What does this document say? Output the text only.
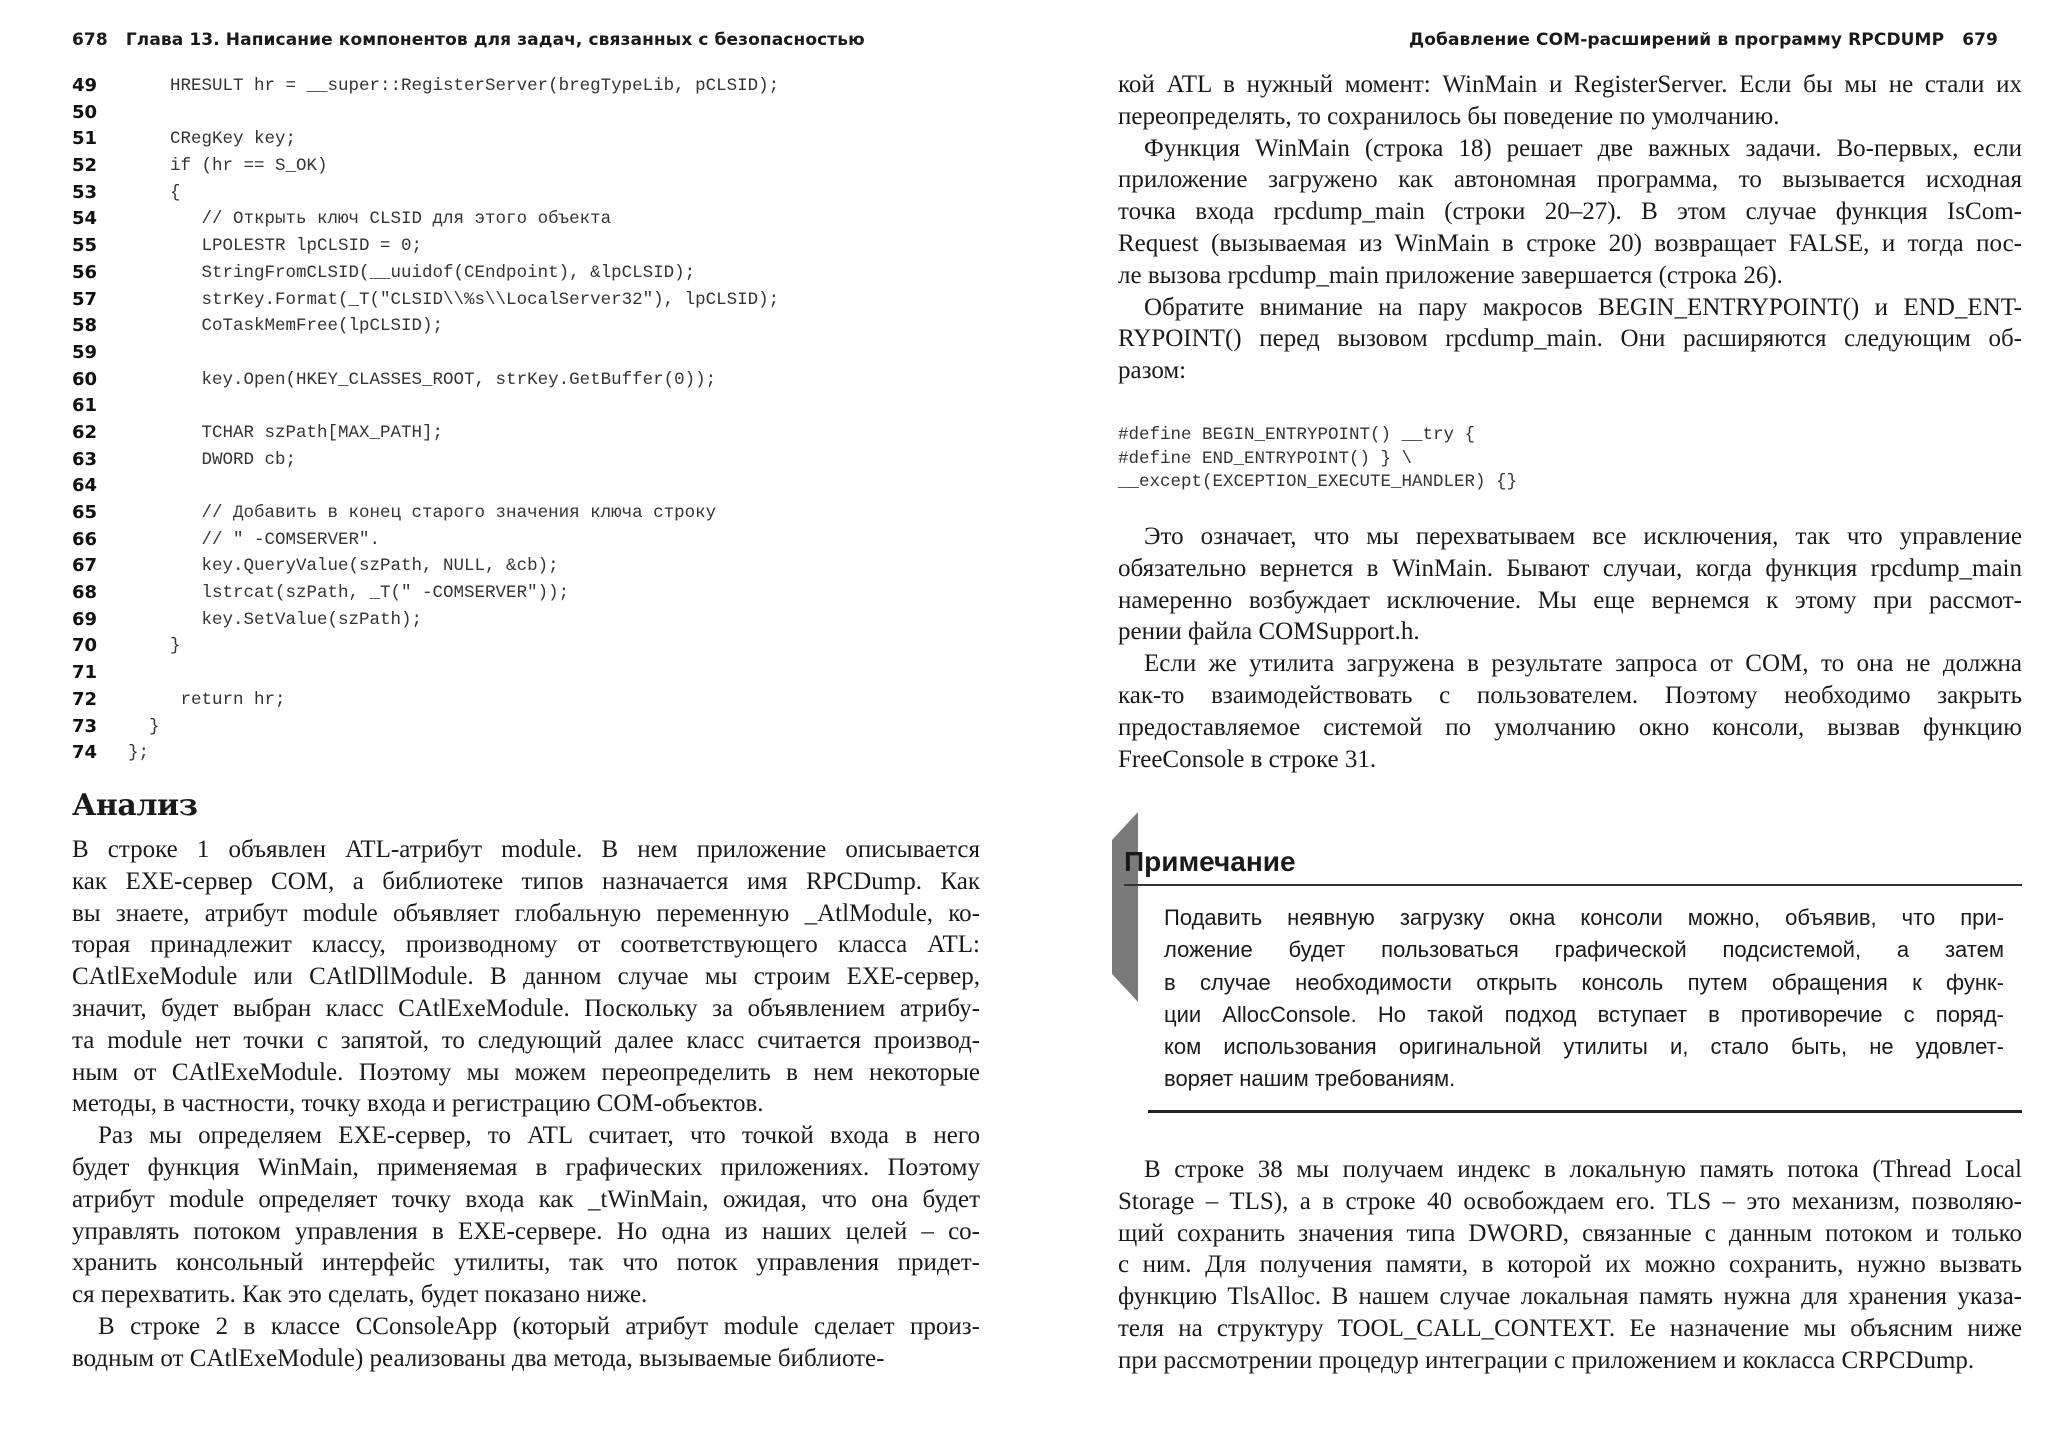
678 Глава 13. Написание компонентов для задач, связанных с безопасностью
49	HRESULT hr = __super::RegisterServer(bregTypeLib, pCLSID);
50
51	CRegKey key;
52	if (hr == S_OK)
53	{
54	// Открыть ключ CLSID для этого объекта
55	LPOLESTR lpCLSID = 0;
56	StringFromCLSID(__uuidof(CEndpoint), &lpCLSID);
57	strKey.Format(_T("CLSID\\%s\\LocalServer32"), lpCLSID);
58	CoTaskMemFree(lpCLSID);
59
60	key.Open(HKEY_CLASSES_ROOT, strKey.GetBuffer(0));
61
62	TCHAR szPath[MAX_PATH];
63	DWORD cb;
64
65	// Добавить в конец старого значения ключа строку
66	// " -COMSERVER".
67	key.QueryValue(szPath, NULL, &cb);
68	lstrcat(szPath, _T(" -COMSERVER"));
69	key.SetValue(szPath);
70	}
71
72	return hr;
73	}
74	};
Анализ
В строке 1 объявлен ATL-атрибут module. В нем приложение описывается
как EXE-сервер COM, а библиотеке типов назначается имя RPCDump. Как
вы знаете, атрибут module объявляет глобальную переменную _AtlModule, ко-
торая принадлежит классу, производному от соответствующего класса ATL:
CAtlExeModule или CAtlDllModule. В данном случае мы строим EXE-сервер,
значит, будет выбран класс CAtlExeModule. Поскольку за объявлением атрибу-
та module нет точки с запятой, то следующий далее класс считается производ-
ным от CAtlExeModule. Поэтому мы можем переопределить в нем некоторые
методы, в частности, точку входа и регистрацию COM-объектов.
Раз мы определяем EXE-сервер, то ATL считает, что точкой входа в него
будет функция WinMain, применяемая в графических приложениях. Поэтому
атрибут module определяет точку входа как _tWinMain, ожидая, что она будет
управлять потоком управления в EXE-сервере. Но одна из наших целей – со-
хранить консольный интерфейс утилиты, так что поток управления придет-
ся перехватить. Как это сделать, будет показано ниже.
В строке 2 в классе CConsoleApp (который атрибут module сделает произ-
водным от CAtlExeModule) реализованы два метода, вызываемые библиоте-
Добавление COM-расширений в программу RPCDUMP 679
кой ATL в нужный момент: WinMain и RegisterServer. Если бы мы не стали их
переопределять, то сохранилось бы поведение по умолчанию.
Функция WinMain (строка 18) решает две важных задачи. Во-первых, если
приложение загружено как автономная программа, то вызывается исходная
точка входа rpcdump_main (строки 20–27). В этом случае функция IsCom-
Request (вызываемая из WinMain в строке 20) возвращает FALSE, и тогда пос-
ле вызова rpcdump_main приложение завершается (строка 26).
Обратите внимание на пару макросов BEGIN_ENTRYPOINT() и END_ENT-
RYPOINT() перед вызовом rpcdump_main. Они расширяются следующим об-
разом:
#define BEGIN_ENTRYPOINT() __try {
#define END_ENTRYPOINT() } \
__except(EXCEPTION_EXECUTE_HANDLER) {}
Это означает, что мы перехватываем все исключения, так что управление
обязательно вернется в WinMain. Бывают случаи, когда функция rpcdump_main
намеренно возбуждает исключение. Мы еще вернемся к этому при рассмот-
рении файла COMSupport.h.
Если же утилита загружена в результате запроса от COM, то она не должна
как-то взаимодействовать с пользователем. Поэтому необходимо закрыть
предоставляемое системой по умолчанию окно консоли, вызвав функцию
FreeConsole в строке 31.
Примечание
Подавить неявную загрузку окна консоли можно, объявив, что при-
ложение будет пользоваться графической подсистемой, а затем
в случае необходимости открыть консоль путем обращения к функ-
ции AllocConsole. Но такой подход вступает в противоречие с поряд-
ком использования оригинальной утилиты и, стало быть, не удовлет-
воряет нашим требованиям.
В строке 38 мы получаем индекс в локальную память потока (Thread Local
Storage – TLS), а в строке 40 освобождаем его. TLS – это механизм, позволяю-
щий сохранить значения типа DWORD, связанные с данным потоком и только
с ним. Для получения памяти, в которой их можно сохранить, нужно вызвать
функцию TlsAlloc. В нашем случае локальная память нужна для хранения указа-
теля на структуру TOOL_CALL_CONTEXT. Ее назначение мы объясним ниже
при рассмотрении процедур интеграции с приложением и кокласса CRPCDump.
